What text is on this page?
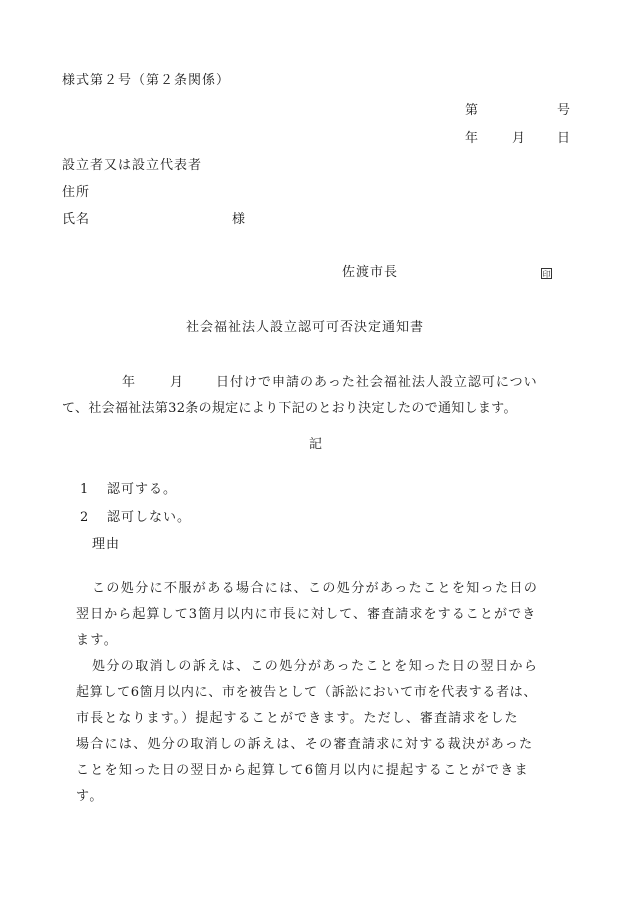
様式第２号（第２条関係）
第	号
年	月 日
設立者又は設立代表者
住所
氏名	様
佐渡市長	印
社会福祉法人設立認可可否決定通知書
年	月	日付けで申請のあった社会福祉法人設立認可につい
て、社会福祉法第32条の規定により下記のとおり決定したので通知します。
記
1 認可する。
2 認可しない。
理由
この処分に不服がある場合には、この処分があったことを知った日の
翌日から起算して3箇月以内に市長に対して、審査請求をすることができ
ます。
処分の取消しの訴えは、この処分があったことを知った日の翌日から
起算して6箇月以内に、市を被告として（訴訟において市を代表する者は、
市長となります。）提起することができます。ただし、審査請求をした
場合には、処分の取消しの訴えは、その審査請求に対する裁決があった
ことを知った日の翌日から起算して6箇月以内に提起することができま
す。
